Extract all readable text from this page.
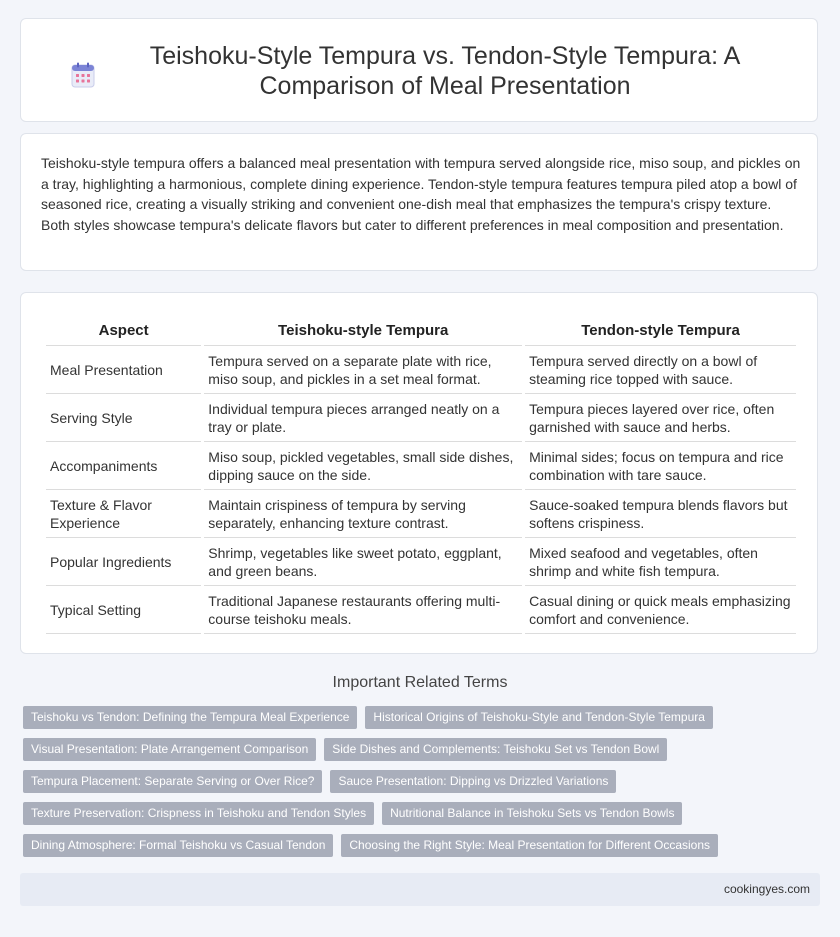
Teishoku-Style Tempura vs. Tendon-Style Tempura: A Comparison of Meal Presentation

Teishoku-style tempura offers a balanced meal presentation with tempura served alongside rice, miso soup, and pickles on a tray, highlighting a harmonious, complete dining experience. Tendon-style tempura features tempura piled atop a bowl of seasoned rice, creating a visually striking and convenient one-dish meal that emphasizes the tempura's crispy texture. Both styles showcase tempura's delicate flavors but cater to different preferences in meal composition and presentation.

Aspect	Teishoku-style Tempura	Tendon-style Tempura
Meal Presentation	Tempura served on a separate plate with rice, miso soup, and pickles in a set meal format.	Tempura served directly on a bowl of steaming rice topped with sauce.
Serving Style	Individual tempura pieces arranged neatly on a tray or plate.	Tempura pieces layered over rice, often garnished with sauce and herbs.
Accompaniments	Miso soup, pickled vegetables, small side dishes, dipping sauce on the side.	Minimal sides; focus on tempura and rice combination with tare sauce.
Texture & Flavor Experience	Maintain crispiness of tempura by serving separately, enhancing texture contrast.	Sauce-soaked tempura blends flavors but softens crispiness.
Popular Ingredients	Shrimp, vegetables like sweet potato, eggplant, and green beans.	Mixed seafood and vegetables, often shrimp and white fish tempura.
Typical Setting	Traditional Japanese restaurants offering multi-course teishoku meals.	Casual dining or quick meals emphasizing comfort and convenience.
Important Related Terms
Teishoku vs Tendon: Defining the Tempura Meal Experience	Historical Origins of Teishoku-Style and Tendon-Style Tempura
Visual Presentation: Plate Arrangement Comparison	Side Dishes and Complements: Teishoku Set vs Tendon Bowl
Tempura Placement: Separate Serving or Over Rice?	Sauce Presentation: Dipping vs Drizzled Variations
Texture Preservation: Crispness in Teishoku and Tendon Styles	Nutritional Balance in Teishoku Sets vs Tendon Bowls
Dining Atmosphere: Formal Teishoku vs Casual Tendon	Choosing the Right Style: Meal Presentation for Different Occasions
cookingyes.com
